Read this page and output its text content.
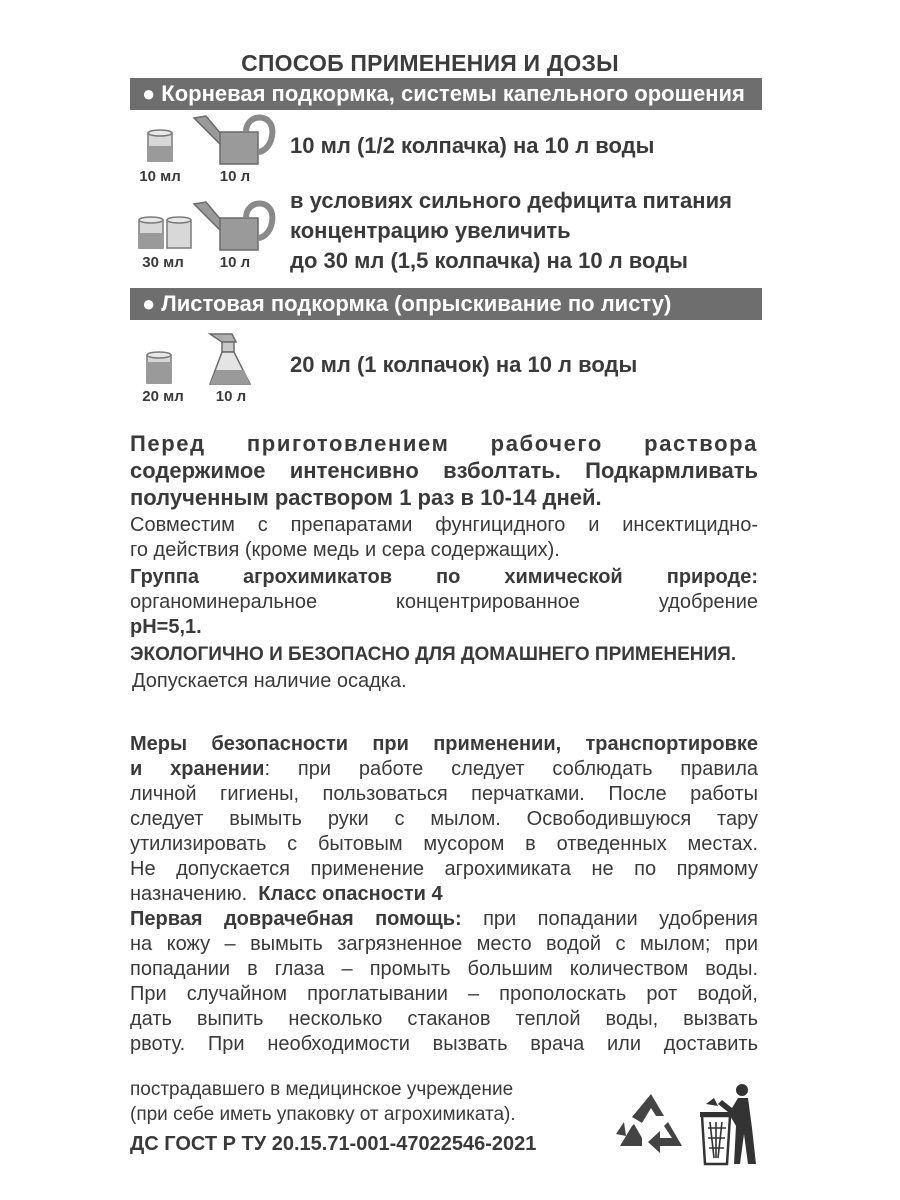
СПОСОБ ПРИМЕНЕНИЯ И ДОЗЫ
● Корневая подкормка, системы капельного орошения
10 мл	10 л
10 мл (1/2 колпачка) на 10 л воды
30 мл	10 л
в условиях сильного дефицита питания
концентрацию увеличить
до 30 мл (1,5 колпачка) на 10 л воды
● Листовая подкормка (опрыскивание по листу)
20 мл	10 л
20 мл (1 колпачок) на 10 л воды

Перед приготовлением рабочего раствора

содержимое интенсивно взболтать. Подкармливать

полученным раствором 1 раз в 10-14 дней.

Совместим с препаратами фунгицидного и инсектицидно-

го действия (кроме медь и сера содержащих).

Группа агрохимикатов по химической природе:

органоминеральное концентрированное удобрение

рН=5,1.

ЭКОЛОГИЧНО И БЕЗОПАСНО ДЛЯ ДОМАШНЕГО ПРИМЕНЕНИЯ.

Допускается наличие осадка.

Меры безопасности при применении, транспортировке

и хранении: при работе следует соблюдать правила

личной гигиены, пользоваться перчатками. После работы

следует вымыть руки с мылом. Освободившуюся тару

утилизировать с бытовым мусором в отведенных местах.

Не допускается применение агрохимиката не по прямому

назначению. Класс опасности 4

Первая доврачебная помощь: при попадании удобрения

на кожу – вымыть загрязненное место водой с мылом; при

попадании в глаза – промыть большим количеством воды.

При случайном проглатывании – прополоскать рот водой,

дать выпить несколько стаканов теплой воды, вызвать

рвоту. При необходимости вызвать врача или доставить

пострадавшего в медицинское учреждение

(при себе иметь упаковку от агрохимиката).

ДС ГОСТ Р ТУ 20.15.71-001-47022546-2021
